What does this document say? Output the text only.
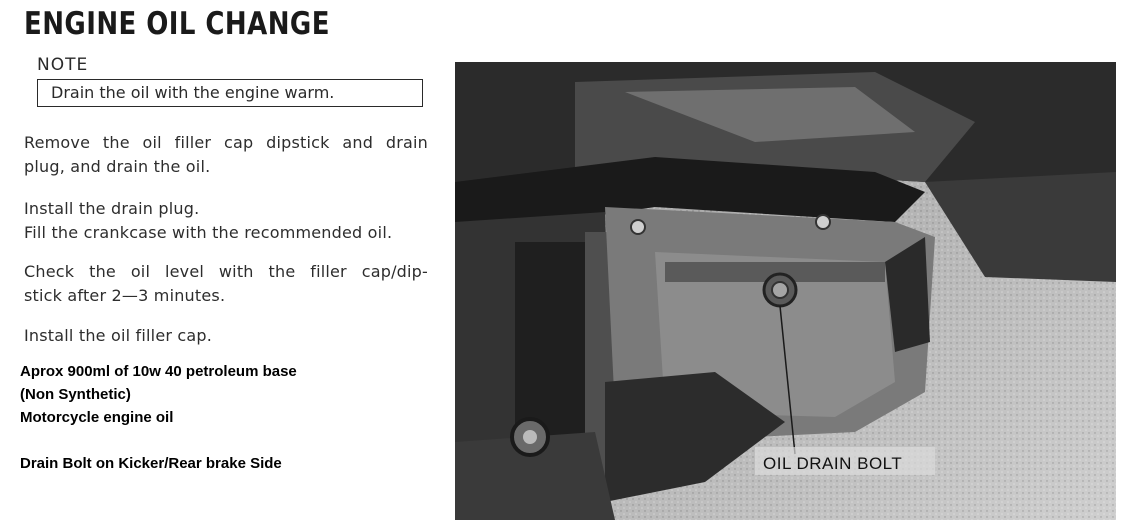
ENGINE OIL CHANGE
NOTE
Drain the oil with the engine warm.
Remove the oil filler cap dipstick and drain
plug, and drain the oil.
Install the drain plug.
Fill the crankcase with the recommended oil.
Check the oil level with the filler cap/dip-
stick after 2—3 minutes.
Install the oil filler cap.
Aprox 900ml of 10w 40 petroleum base
(Non Synthetic)
Motorcycle engine oil
Drain Bolt on Kicker/Rear brake Side	OIL DRAIN BOLT
